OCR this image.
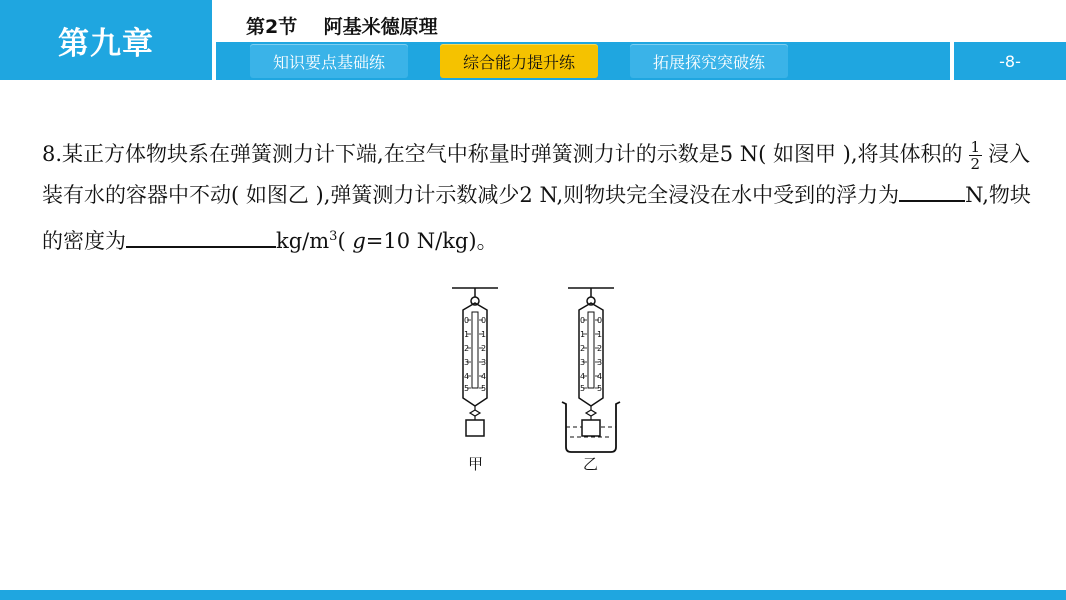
第九章	第2节    阿基米德原理
知识要点基础练	综合能力提升练	拓展探究突破练	-8-
8.某正方体物块系在弹簧测力计下端,在空气中称量时弹簧测力计的示数是5 N( 如图甲 ),将其体积的 $\frac{1}{2}$ 浸入装有水的容器中不动( 如图乙 ),弹簧测力计示数减少2 N,则物块完全浸没在水中受到的浮力为	N,物块的密度为	$kg/m^3$( g=10 N/kg)。
0
1
2
3
4
5
0
1
2
3
4
5
甲
0
1
2
3
4
5
0
1
2
3
4
5
乙
